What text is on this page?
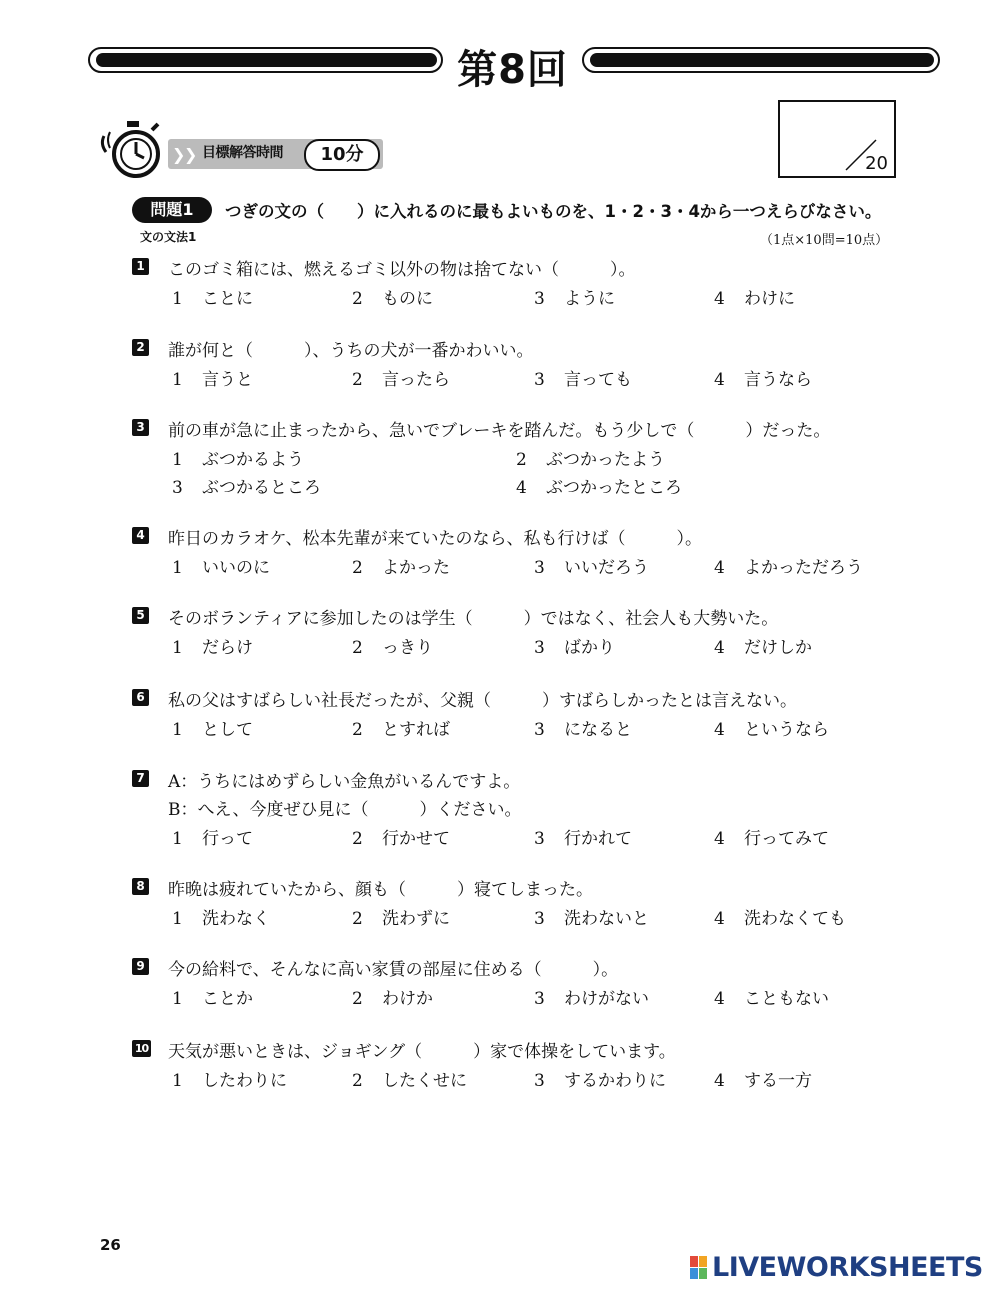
第8回
❯
❯ 目標解答時間	10分	20
問題1	つぎの文の（　　）に入れるのに最もよいものを、1・2・3・4から一つえらびなさい。
文の文法1	（1点×10問=10点）
1 このゴミ箱には、燃えるゴミ以外の物は捨てない（　　　）。
1 ことに	2 ものに	3 ように	4 わけに
2 誰が何と（　　　）、うちの犬が一番かわいい。
1 言うと	2 言ったら	3 言っても	4 言うなら
3 前の車が急に止まったから、急いでブレーキを踏んだ。もう少しで（　　　）だった。
1 ぶつかるよう	2 ぶつかったよう
3 ぶつかるところ	4 ぶつかったところ
4 昨日のカラオケ、松本先輩が来ていたのなら、私も行けば（　　　）。
1 いいのに	2 よかった	3 いいだろう	4 よかっただろう
5 そのボランティアに参加したのは学生（　　　）ではなく、社会人も大勢いた。
1 だらけ	2 っきり	3 ばかり	4 だけしか
6 私の父はすばらしい社長だったが、父親（　　　）すばらしかったとは言えない。
1 として	2 とすれば	3 になると	4 というなら
7 A：うちにはめずらしい金魚がいるんですよ。
B：へえ、今度ぜひ見に（　　　）ください。
1 行って	2 行かせて	3 行かれて	4 行ってみて
8 昨晩は疲れていたから、顔も（　　　）寝てしまった。
1 洗わなく	2 洗わずに	3 洗わないと	4 洗わなくても
9 今の給料で、そんなに高い家賃の部屋に住める（　　　）。
1 ことか	2 わけか	3 わけがない	4 こともない
10 天気が悪いときは、ジョギング（　　　）家で体操をしています。
1 したわりに	2 したくせに	3 するかわりに	4 する一方
26
LIVEWORKSHEETS
